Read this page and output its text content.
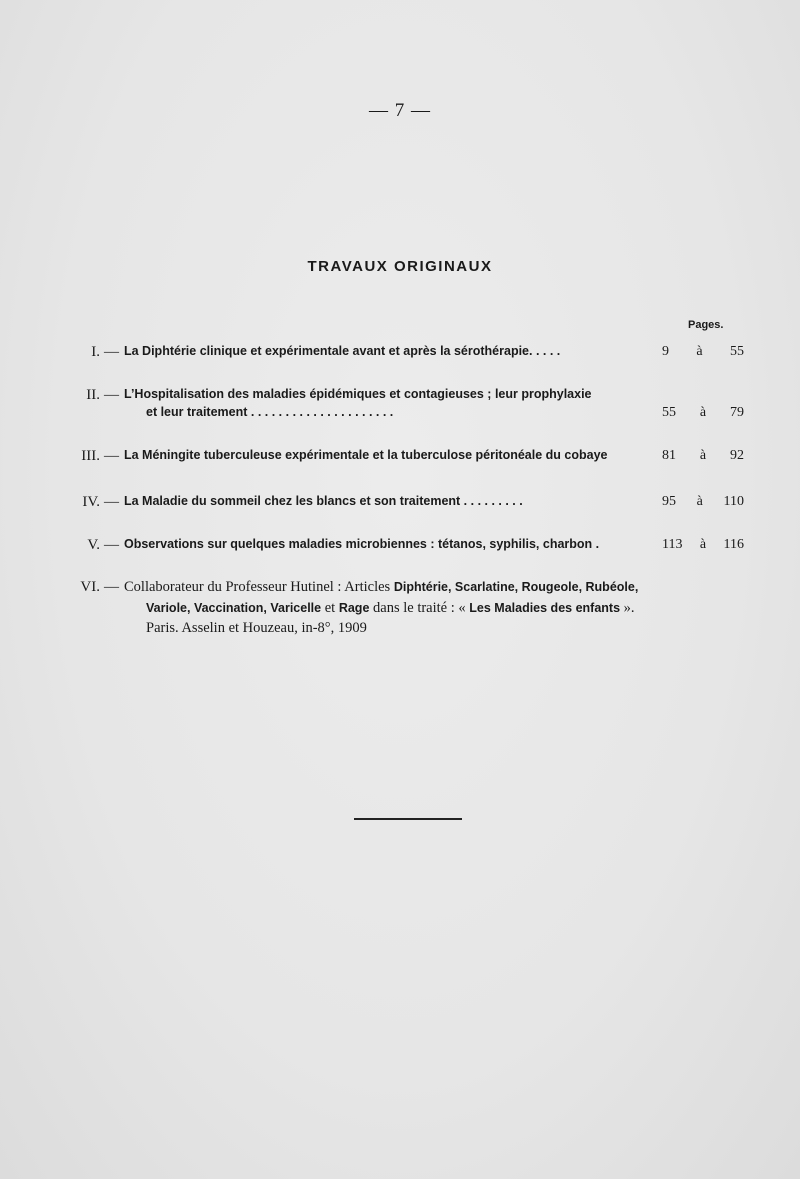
— 7 —
TRAVAUX ORIGINAUX
Pages.
I. — La Diphtérie clinique et expérimentale avant et après la sérothérapie. . . . .	9 à 55
II. — L’Hospitalisation des maladies épidémiques et contagieuses ; leur prophylaxie
et leur traitement . . . . . . . . . . . . . . . . . . . . .	55 à 79
III. — La Méningite tuberculeuse expérimentale et la tuberculose péritonéale du cobaye	81 à 92
IV. — La Maladie du sommeil chez les blancs et son traitement . . . . . . . . .	95 à 110
V. — Observations sur quelques maladies microbiennes : tétanos, syphilis, charbon .	113 à 116
VI. — Collaborateur du Professeur Hutinel : Articles Diphtérie, Scarlatine, Rougeole, Rubéole,
Variole, Vaccination, Varicelle et Rage dans le traité : « Les Maladies des enfants ».
Paris. Asselin et Houzeau, in-8°, 1909
